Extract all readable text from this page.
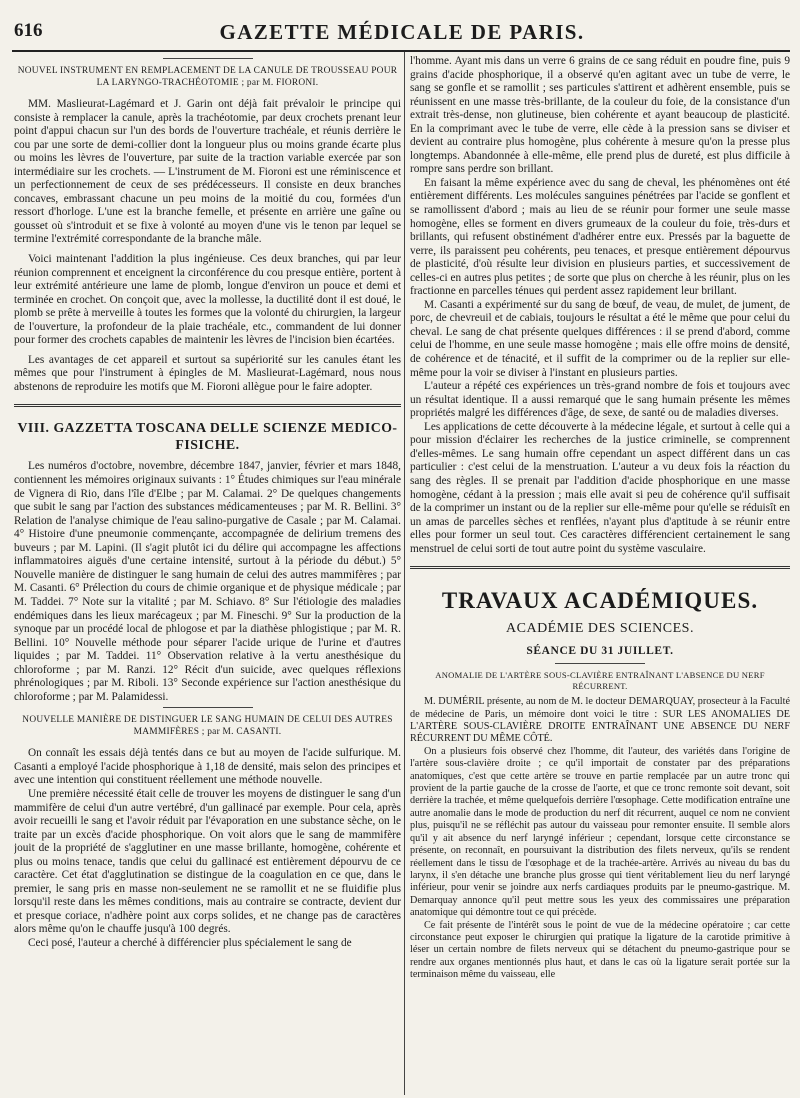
616	GAZETTE MÉDICALE DE PARIS.

NOUVEL INSTRUMENT EN REMPLACEMENT DE LA CANULE DE TROUSSEAU POUR LA LARYNGO-TRACHÉOTOMIE ; par M. FIORONI.

MM. Maslieurat-Lagémard et J. Garin ont déjà fait prévaloir le principe qui consiste à remplacer la canule, après la trachéotomie, par deux crochets prenant leur point d'appui chacun sur l'un des bords de l'ouverture trachéale, et réunis derrière le cou par une sorte de demi-collier dont la longueur plus ou moins grande écarte plus ou moins les lèvres de l'ouverture, par suite de la traction variable exercée par son intermédiaire sur les crochets. — L'instrument de M. Fioroni est une réminiscence et un perfectionnement de ceux de ses prédécesseurs. Il consiste en deux branches concaves, embrassant chacune un peu moins de la moitié du cou, formées d'un ressort d'horloge. L'une est la branche femelle, et présente en arrière une gaîne ou gousset où s'introduit et se fixe à volonté au moyen d'une vis le tenon par lequel se termine l'extrémité correspondante de la branche mâle.

Voici maintenant l'addition la plus ingénieuse. Ces deux branches, qui par leur réunion comprennent et enceignent la circonférence du cou presque entière, portent à leur extrémité antérieure une lame de plomb, longue d'environ un pouce et demi et terminée en crochet. On conçoit que, avec la mollesse, la ductilité dont il est doué, le plomb se prête à merveille à toutes les formes que la volonté du chirurgien, la largeur de l'ouverture, la profondeur de la plaie trachéale, etc., commandent de lui donner pour former des crochets capables de maintenir les lèvres de l'incision bien écartées.

Les avantages de cet appareil et surtout sa supériorité sur les canules étant les mêmes que pour l'instrument à épingles de M. Maslieurat-Lagémard, nous nous abstenons de reproduire les motifs que M. Fioroni allègue pour le faire adopter.

VIII. GAZZETTA TOSCANA DELLE SCIENZE MEDICO-FISICHE.

Les numéros d'octobre, novembre, décembre 1847, janvier, février et mars 1848, contiennent les mémoires originaux suivants : 1° Études chimiques sur l'eau minérale de Vignera di Rio, dans l'île d'Elbe ; par M. Calamai. 2° De quelques changements que subit le sang par l'action des substances médicamenteuses ; par M. R. Bellini. 3° Relation de l'analyse chimique de l'eau salino-purgative de Casale ; par M. Calamai. 4° Histoire d'une pneumonie commençante, accompagnée de delirium tremens des buveurs ; par M. Lapini. (Il s'agit plutôt ici du délire qui accompagne les affections inflammatoires aiguës d'une certaine intensité, surtout à la période du début.) 5° Nouvelle manière de distinguer le sang humain de celui des autres mammifères ; par M. Casanti. 6° Prélection du cours de chimie organique et de physique médicale ; par M. Taddei. 7° Note sur la vitalité ; par M. Schiavo. 8° Sur l'étiologie des maladies endémiques dans les lieux marécageux ; par M. Fineschi. 9° Sur la production de la synoque par un procédé local de phlogose et par la diathèse phlogistique ; par M. R. Bellini. 10° Nouvelle méthode pour séparer l'acide urique de l'urine et d'autres liquides ; par M. Taddei. 11° Observation relative à la vertu anesthésique du chloroforme ; par M. Ranzi. 12° Récit d'un suicide, avec quelques réflexions phrénologiques ; par M. Riboli. 13° Seconde expérience sur l'action anesthésique du chloroforme ; par M. Palamidessi.

NOUVELLE MANIÈRE DE DISTINGUER LE SANG HUMAIN DE CELUI DES AUTRES MAMMIFÈRES ; par M. CASANTI.

On connaît les essais déjà tentés dans ce but au moyen de l'acide sulfurique. M. Casanti a employé l'acide phosphorique à 1,18 de densité, mais selon des principes et avec une intention qui constituent réellement une méthode nouvelle.

Une première nécessité était celle de trouver les moyens de distinguer le sang d'un mammifère de celui d'un autre vertébré, d'un gallinacé par exemple. Pour cela, après avoir recueilli le sang et l'avoir réduit par l'évaporation en une substance sèche, on le traite par un excès d'acide phosphorique. On voit alors que le sang de mammifère jouit de la propriété de s'agglutiner en une masse brillante, homogène, cohérente et plus ou moins tenace, tandis que celui du gallinacé est entièrement dépourvu de ce caractère. Cet état d'agglutination se distingue de la coagulation en ce que, dans le premier, le sang pris en masse non-seulement ne se ramollit et ne se fluidifie plus lorsqu'il reste dans les mêmes conditions, mais au contraire se contracte, devient dur et presque coriace, n'adhère point aux corps solides, et ne change pas de caractères alors même qu'on le chauffe jusqu'à 100 degrés.

Ceci posé, l'auteur a cherché à différencier plus spécialement le sang de

l'homme. Ayant mis dans un verre 6 grains de ce sang réduit en poudre fine, puis 9 grains d'acide phosphorique, il a observé qu'en agitant avec un tube de verre, le sang se gonfle et se ramollit ; ses particules s'attirent et adhèrent ensemble, puis se réunissent en une masse très-brillante, de la couleur du foie, de la consistance d'un extrait très-dense, non glutineuse, bien cohérente et ayant beaucoup de plasticité. En la comprimant avec le tube de verre, elle cède à la pression sans se diviser et devient au contraire plus homogène, plus cohérente à mesure qu'on la presse plus longtemps. Abandonnée à elle-même, elle prend plus de dureté, est plus difficile à rompre sans perdre son brillant.

En faisant la même expérience avec du sang de cheval, les phénomènes ont été entièrement différents. Les molécules sanguines pénétrées par l'acide se gonflent et se ramollissent d'abord ; mais au lieu de se réunir pour former une seule masse homogène, elles se forment en divers grumeaux de la couleur du foie, très-durs et brillants, qui refusent obstinément d'adhérer entre eux. Pressés par la baguette de verre, ils paraissent peu cohérents, peu tenaces, et presque entièrement dépourvus de plasticité, d'où résulte leur division en plusieurs parties, et successivement de celles-ci en autres plus petites ; de sorte que plus on cherche à les réunir, plus on les fractionne en parcelles ténues qui perdent assez rapidement leur brillant.

M. Casanti a expérimenté sur du sang de bœuf, de veau, de mulet, de jument, de porc, de chevreuil et de cabiais, toujours le résultat a été le même que pour celui du cheval. Le sang de chat présente quelques différences : il se prend d'abord, comme celui de l'homme, en une seule masse homogène ; mais elle offre moins de densité, de cohérence et de ténacité, et il suffit de la comprimer ou de la replier sur elle-même pour la voir se diviser à l'instant en plusieurs parties.

L'auteur a répété ces expériences un très-grand nombre de fois et toujours avec un résultat identique. Il a aussi remarqué que le sang humain présente les mêmes propriétés malgré les différences d'âge, de sexe, de santé ou de maladies diverses.

Les applications de cette découverte à la médecine légale, et surtout à celle qui a pour mission d'éclairer les recherches de la justice criminelle, se comprennent d'elles-mêmes. Le sang humain offre cependant un aspect différent dans un cas particulier : c'est celui de la menstruation. L'auteur a vu deux fois la réaction du sang des règles. Il se prenait par l'addition d'acide phosphorique en une masse homogène, cédant à la pression ; mais elle avait si peu de cohérence qu'il suffisait de la comprimer un instant ou de la replier sur elle-même pour qu'elle se réduisît en un amas de parcelles sèches et renflées, n'ayant plus d'aptitude à se réunir entre elles pour former un seul tout. Ces caractères différencient certainement le sang menstruel de celui sorti de tout autre point du système vasculaire.

TRAVAUX ACADÉMIQUES.

ACADÉMIE DES SCIENCES.

SÉANCE DU 31 JUILLET.

ANOMALIE DE L'ARTÈRE SOUS-CLAVIÈRE ENTRAÎNANT L'ABSENCE DU NERF RÉCURRENT.

M. DUMÉRIL présente, au nom de M. le docteur DEMARQUAY, prosecteur à la Faculté de médecine de Paris, un mémoire dont voici le titre : SUR LES ANOMALIES DE L'ARTÈRE SOUS-CLAVIÈRE DROITE ENTRAÎNANT UNE ABSENCE DU NERF RÉCURRENT DU MÊME CÔTÉ.

On a plusieurs fois observé chez l'homme, dit l'auteur, des variétés dans l'origine de l'artère sous-clavière droite ; ce qu'il importait de constater par des préparations anatomiques, c'est que cette artère se trouve en partie remplacée par un autre tronc qui provient de la partie gauche de la crosse de l'aorte, et que ce tronc remonte soit devant, soit derrière la trachée, et même quelquefois derrière l'œsophage. Cette modification entraîne une autre anomalie dans le mode de production du nerf dit récurrent, auquel ce nom ne convient plus, puisqu'il ne se réfléchit pas autour du vaisseau pour remonter ensuite. Il semble alors qu'il y ait absence du nerf laryngé inférieur ; cependant, lorsque cette circonstance se présente, on reconnaît, en poursuivant la distribution des filets nerveux, qu'ils se rendent réellement dans le tissu de l'œsophage et de la trachée-artère. Arrivés au niveau du bas du larynx, il s'en détache une branche plus grosse qui tient véritablement lieu du nerf laryngé inférieur, pour venir se joindre aux nerfs cardiaques produits par le pneumo-gastrique. M. Demarquay annonce qu'il peut mettre sous les yeux des commissaires une préparation anatomique qui démontre tout ce qui précède.

Ce fait présente de l'intérêt sous le point de vue de la médecine opératoire ; car cette circonstance peut exposer le chirurgien qui pratique la ligature de la carotide primitive à léser un certain nombre de filets nerveux qui se détachent du pneumo-gastrique pour se rendre aux organes mentionnés plus haut, et dans le cas où la ligature serait portée sur la terminaison même du vaisseau, elle
